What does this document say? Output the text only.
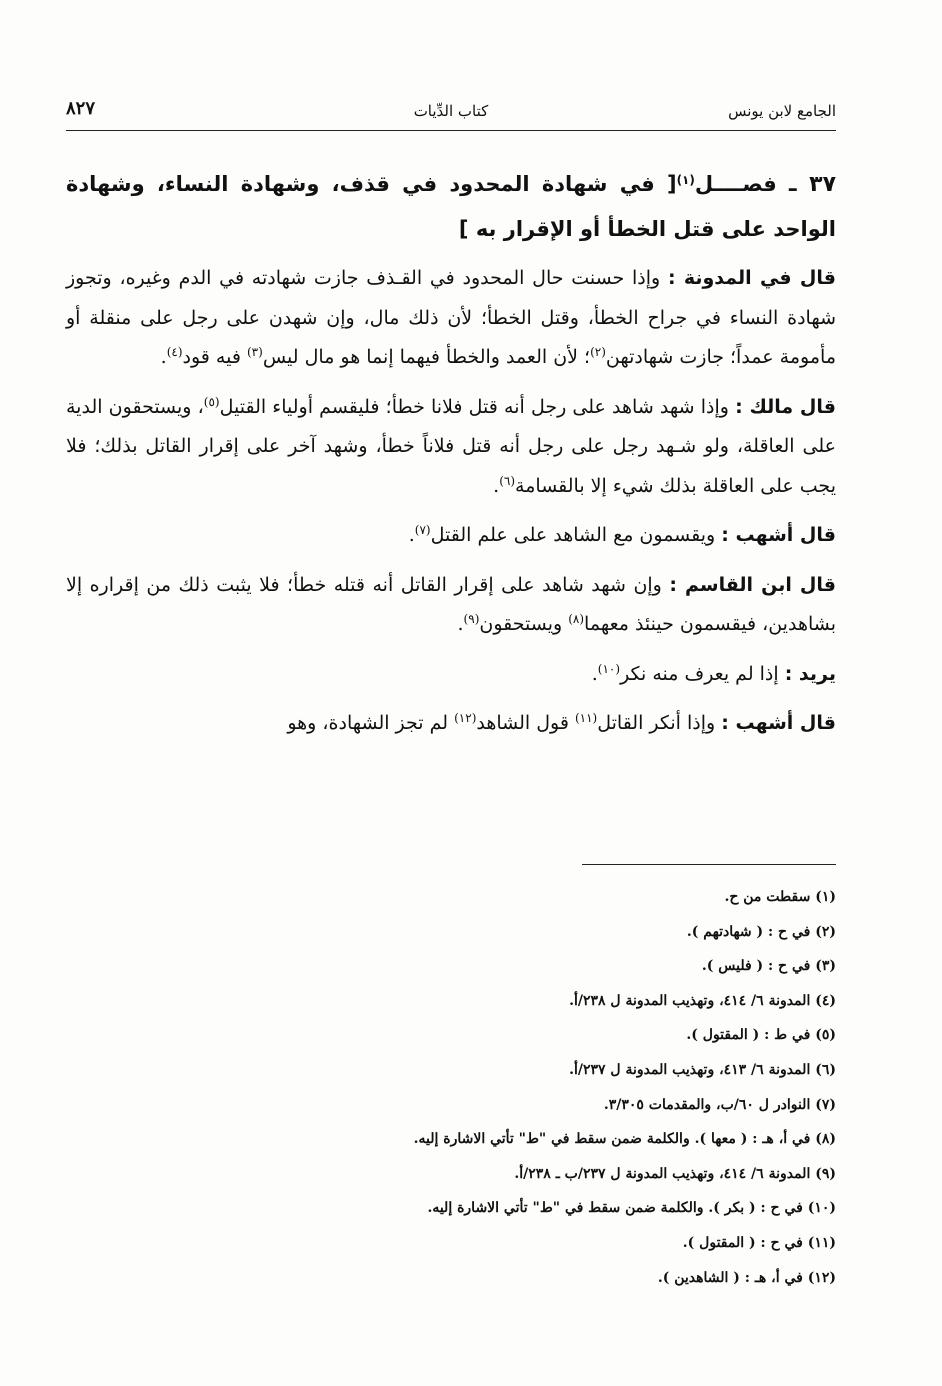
الجامع لابن يونس
كتاب الدِّيات
٨٢٧

٣٧ ـ فصــــل$^{(١)}$[ في شهادة المحدود في قذف، وشهادة النساء، وشهادة الواحد على قتل الخطأ أو الإقرار به ]

قال في المدونة : وإذا حسنت حال المحدود في القـذف جازت شهادته في الدم وغيره، وتجوز شهادة النساء في جراح الخطأ، وقتل الخطأ؛ لأن ذلك مال، وإن شهدن على رجل على منقلة أو مأمومة عمداً؛ جازت شهادتهن$^{(٢)}$؛ لأن العمد والخطأ فيهما إنما هو مال ليس$^{(٣)}$ فيه قود$^{(٤)}$.

قال مالك : وإذا شهد شاهد على رجل أنه قتل فلانا خطأ؛ فليقسم أولياء القتيل$^{(٥)}$، ويستحقون الدية على العاقلة، ولو شـهد رجل على رجل أنه قتل فلاناً خطأ، وشهد آخر على إقرار القاتل بذلك؛ فلا يجب على العاقلة بذلك شيء إلا بالقسامة$^{(٦)}$.

قال أشهب : ويقسمون مع الشاهد على علم القتل$^{(٧)}$.

قال ابن القاسم : وإن شهد شاهد على إقرار القاتل أنه قتله خطأ؛ فلا يثبت ذلك من إقراره إلا بشاهدين، فيقسمون حينئذ معهما$^{(٨)}$ ويستحقون$^{(٩)}$.

يريد : إذا لم يعرف منه نكر$^{(١٠)}$.

قال أشهب : وإذا أنكر القاتل$^{(١١)}$ قول الشاهد$^{(١٢)}$ لم تجز الشهادة، وهو

(١) سقطت من ح.
(٢) في ح : ( شهادتهم ).
(٣) في ح : ( فليس ).
(٤) المدونة ٦/ ٤١٤، وتهذيب المدونة ل ٢٣٨/أ.
(٥) في ط : ( المقتول ).
(٦) المدونة ٦/ ٤١٣، وتهذيب المدونة ل ٢٣٧/أ.
(٧) النوادر ل ٦٠/ب، والمقدمات ٣/٣٠٥.
(٨) في أ، هـ : ( معها ). والكلمة ضمن سقط في "ط" تأتي الاشارة إليه.
(٩) المدونة ٦/ ٤١٤، وتهذيب المدونة ل ٢٣٧/ب ـ ٢٣٨/أ.
(١٠) في ح : ( بكر ). والكلمة ضمن سقط في "ط" تأتي الاشارة إليه.
(١١) في ح : ( المقتول ).
(١٢) في أ، هـ : ( الشاهدين ).
